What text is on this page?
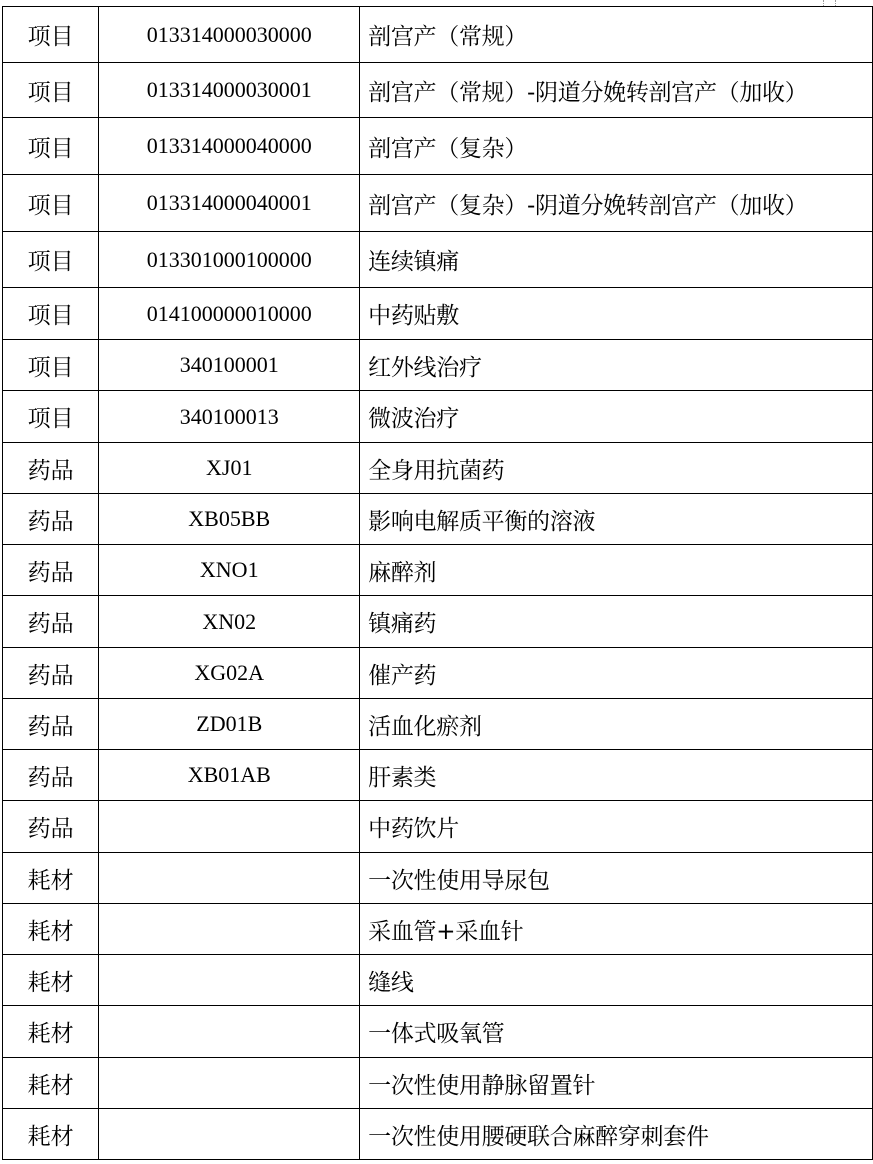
项目	013314000030000	剖宫产（常规）
项目	013314000030001	剖宫产（常规）-阴道分娩转剖宫产（加收）
项目	013314000040000	剖宫产（复杂）
项目	013314000040001	剖宫产（复杂）-阴道分娩转剖宫产（加收）
项目	013301000100000	连续镇痛
项目	014100000010000	中药贴敷
项目	340100001	红外线治疗
项目	340100013	微波治疗
药品	XJ01	全身用抗菌药
药品	XB05BB	影响电解质平衡的溶液
药品	XNO1	麻醉剂
药品	XN02	镇痛药
药品	XG02A	催产药
药品	ZD01B	活血化瘀剂
药品	XB01AB	肝素类
药品		中药饮片
耗材		一次性使用导尿包
耗材		采血管+采血针
耗材		缝线
耗材		一体式吸氧管
耗材		一次性使用静脉留置针
耗材		一次性使用腰硬联合麻醉穿刺套件
